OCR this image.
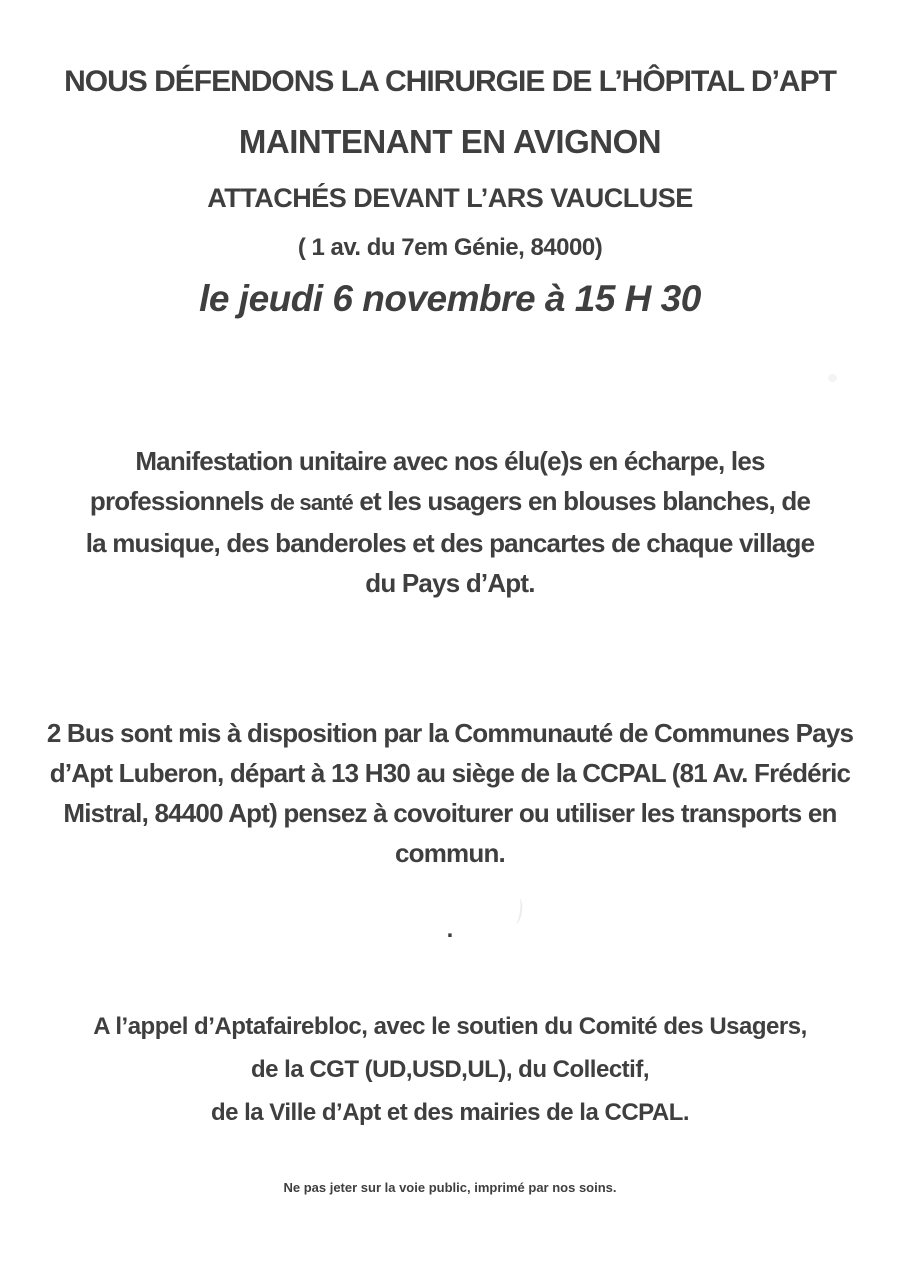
NOUS DÉFENDONS LA CHIRURGIE DE L’HÔPITAL D’APT
MAINTENANT EN AVIGNON
ATTACHÉS DEVANT L’ARS VAUCLUSE
( 1 av. du 7em Génie, 84000)
le jeudi 6 novembre à 15 H 30
Manifestation unitaire avec nos élu(e)s en écharpe, les
professionnels de santé et les usagers en blouses blanches, de
la musique, des banderoles et des pancartes de chaque village
du Pays d’Apt.
2 Bus sont mis à disposition par la Communauté de Communes Pays
d’Apt Luberon, départ à 13 H30 au siège de la CCPAL (81 Av. Frédéric
Mistral, 84400 Apt) pensez à covoiturer ou utiliser les transports en
commun.
.
A l’appel d’Aptafairebloc, avec le soutien du Comité des Usagers,
de la CGT (UD,USD,UL), du Collectif,
de la Ville d’Apt et des mairies de la CCPAL.
Ne pas jeter sur la voie public, imprimé par nos soins.
